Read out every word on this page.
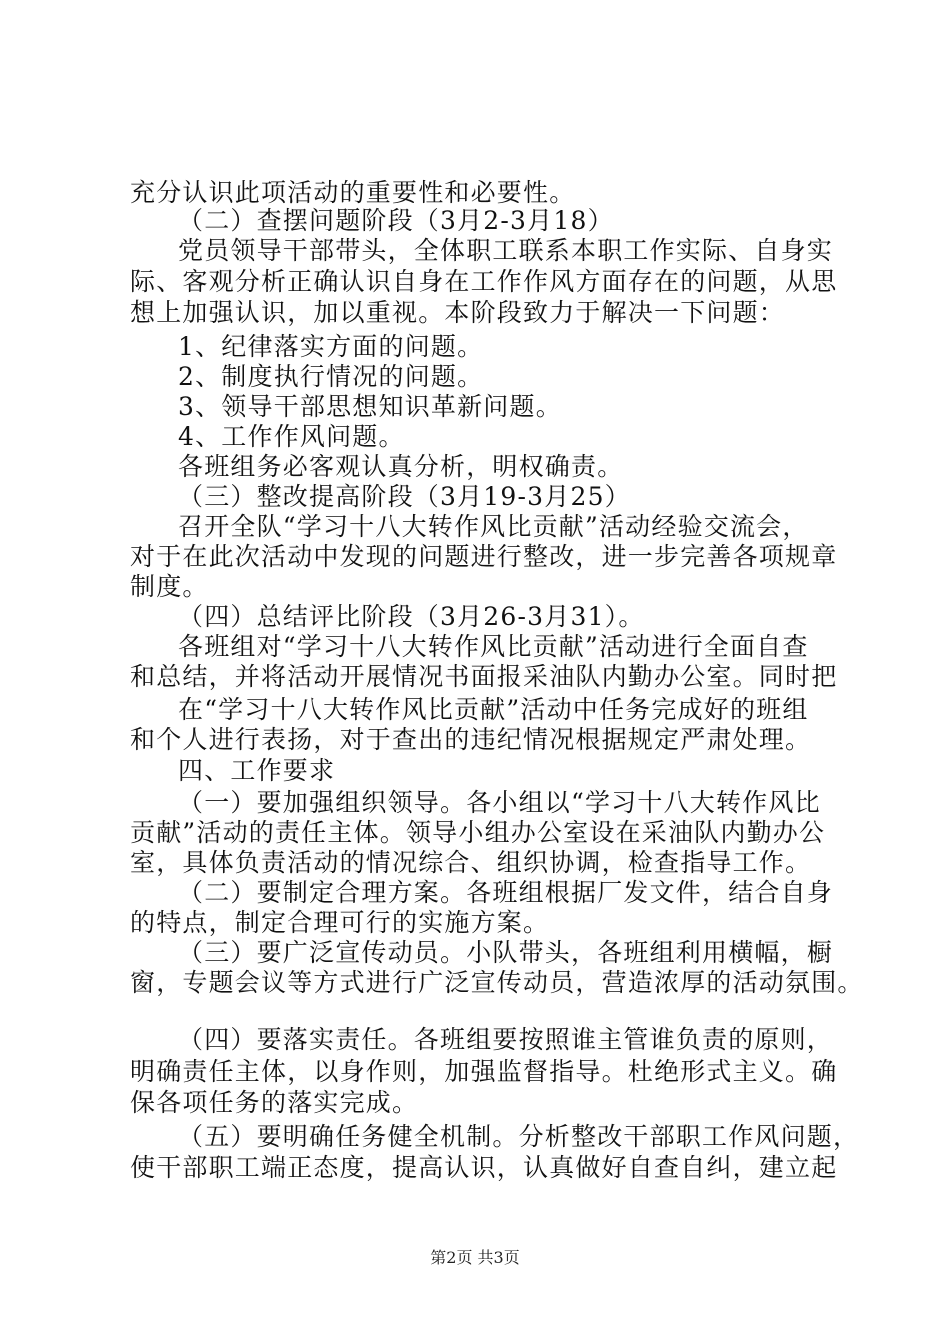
充分认识此项活动的重要性和必要性。
（二）查摆问题阶段（3月2-3月18）
党员领导干部带头，全体职工联系本职工作实际、自身实
际、客观分析正确认识自身在工作作风方面存在的问题，从思
想上加强认识，加以重视。本阶段致力于解决一下问题：
1、纪律落实方面的问题。
2、制度执行情况的问题。
3、领导干部思想知识革新问题。
4、工作作风问题。
各班组务必客观认真分析，明权确责。
（三）整改提高阶段（3月19-3月25）
召开全队“学习十八大转作风比贡献”活动经验交流会，
对于在此次活动中发现的问题进行整改，进一步完善各项规章
制度。
（四）总结评比阶段（3月26-3月31）。
各班组对“学习十八大转作风比贡献”活动进行全面自查
和总结，并将活动开展情况书面报采油队内勤办公室。同时把
在“学习十八大转作风比贡献”活动中任务完成好的班组
和个人进行表扬，对于查出的违纪情况根据规定严肃处理。
四、工作要求
（一）要加强组织领导。各小组以“学习十八大转作风比
贡献”活动的责任主体。领导小组办公室设在采油队内勤办公
室，具体负责活动的情况综合、组织协调，检查指导工作。
（二）要制定合理方案。各班组根据厂发文件，结合自身
的特点，制定合理可行的实施方案。
（三）要广泛宣传动员。小队带头，各班组利用横幅，橱
窗，专题会议等方式进行广泛宣传动员，营造浓厚的活动氛围。
（四）要落实责任。各班组要按照谁主管谁负责的原则，
明确责任主体，以身作则，加强监督指导。杜绝形式主义。确
保各项任务的落实完成。
（五）要明确任务健全机制。分析整改干部职工作风问题，
使干部职工端正态度，提高认识，认真做好自查自纠，建立起
第2页 共3页
